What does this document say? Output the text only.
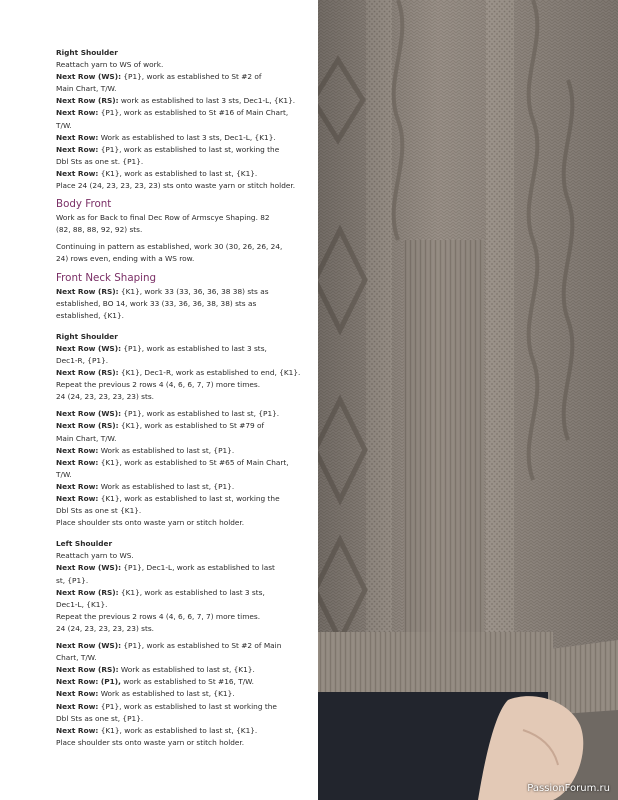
Right Shoulder
Reattach yarn to WS of work.
Next Row (WS): {P1}, work as established to St #2 of
Main Chart, T/W.
Next Row (RS): work as established to last 3 sts, Dec1-L, {K1}.
Next Row: {P1}, work as established to St #16 of Main Chart,
T/W.
Next Row: Work as established to last 3 sts, Dec1-L, {K1}.
Next Row: {P1}, work as established to last st, working the
Dbl Sts as one st. {P1}.
Next Row: {K1}, work as established to last st, {K1}.
Place 24 (24, 23, 23, 23, 23) sts onto waste yarn or stitch holder.
Body Front
Work as for Back to final Dec Row of Armscye Shaping. 82
(82, 88, 88, 92, 92) sts.
Continuing in pattern as established, work 30 (30, 26, 26, 24,
24) rows even, ending with a WS row.
Front Neck Shaping
Next Row (RS): {K1}, work 33 (33, 36, 36, 38 38) sts as
established, BO 14, work 33 (33, 36, 36, 38, 38) sts as
established, {K1}.
Right Shoulder
Next Row (WS): {P1}, work as established to last 3 sts,
Dec1-R, {P1}.
Next Row (RS): {K1}, Dec1-R, work as established to end, {K1}.
Repeat the previous 2 rows 4 (4, 6, 6, 7, 7) more times.
24 (24, 23, 23, 23, 23) sts.
Next Row (WS): {P1}, work as established to last st, {P1}.
Next Row (RS): {K1}, work as established to St #79 of
Main Chart, T/W.
Next Row: Work as established to last st, {P1}.
Next Row: {K1}, work as established to St #65 of Main Chart,
T/W.
Next Row: Work as established to last st, {P1}.
Next Row: {K1}, work as established to last st, working the
Dbl Sts as one st {K1}.
Place shoulder sts onto waste yarn or stitch holder.
Left Shoulder
Reattach yarn to WS.
Next Row (WS): {P1}, Dec1-L, work as established to last
st, {P1}.
Next Row (RS): {K1}, work as established to last 3 sts,
Dec1-L, {K1}.
Repeat the previous 2 rows 4 (4, 6, 6, 7, 7) more times.
24 (24, 23, 23, 23, 23) sts.
Next Row (WS): {P1}, work as established to St #2 of Main
Chart, T/W.
Next Row (RS): Work as established to last st, {K1}.
Next Row: (P1), work as established to St #16, T/W.
Next Row: Work as established to last st, {K1}.
Next Row: {P1}, work as established to last st working the
Dbl Sts as one st, {P1}.
Next Row: {K1}, work as established to last st, {K1}.
Place shoulder sts onto waste yarn or stitch holder.
PassionForum.ru
